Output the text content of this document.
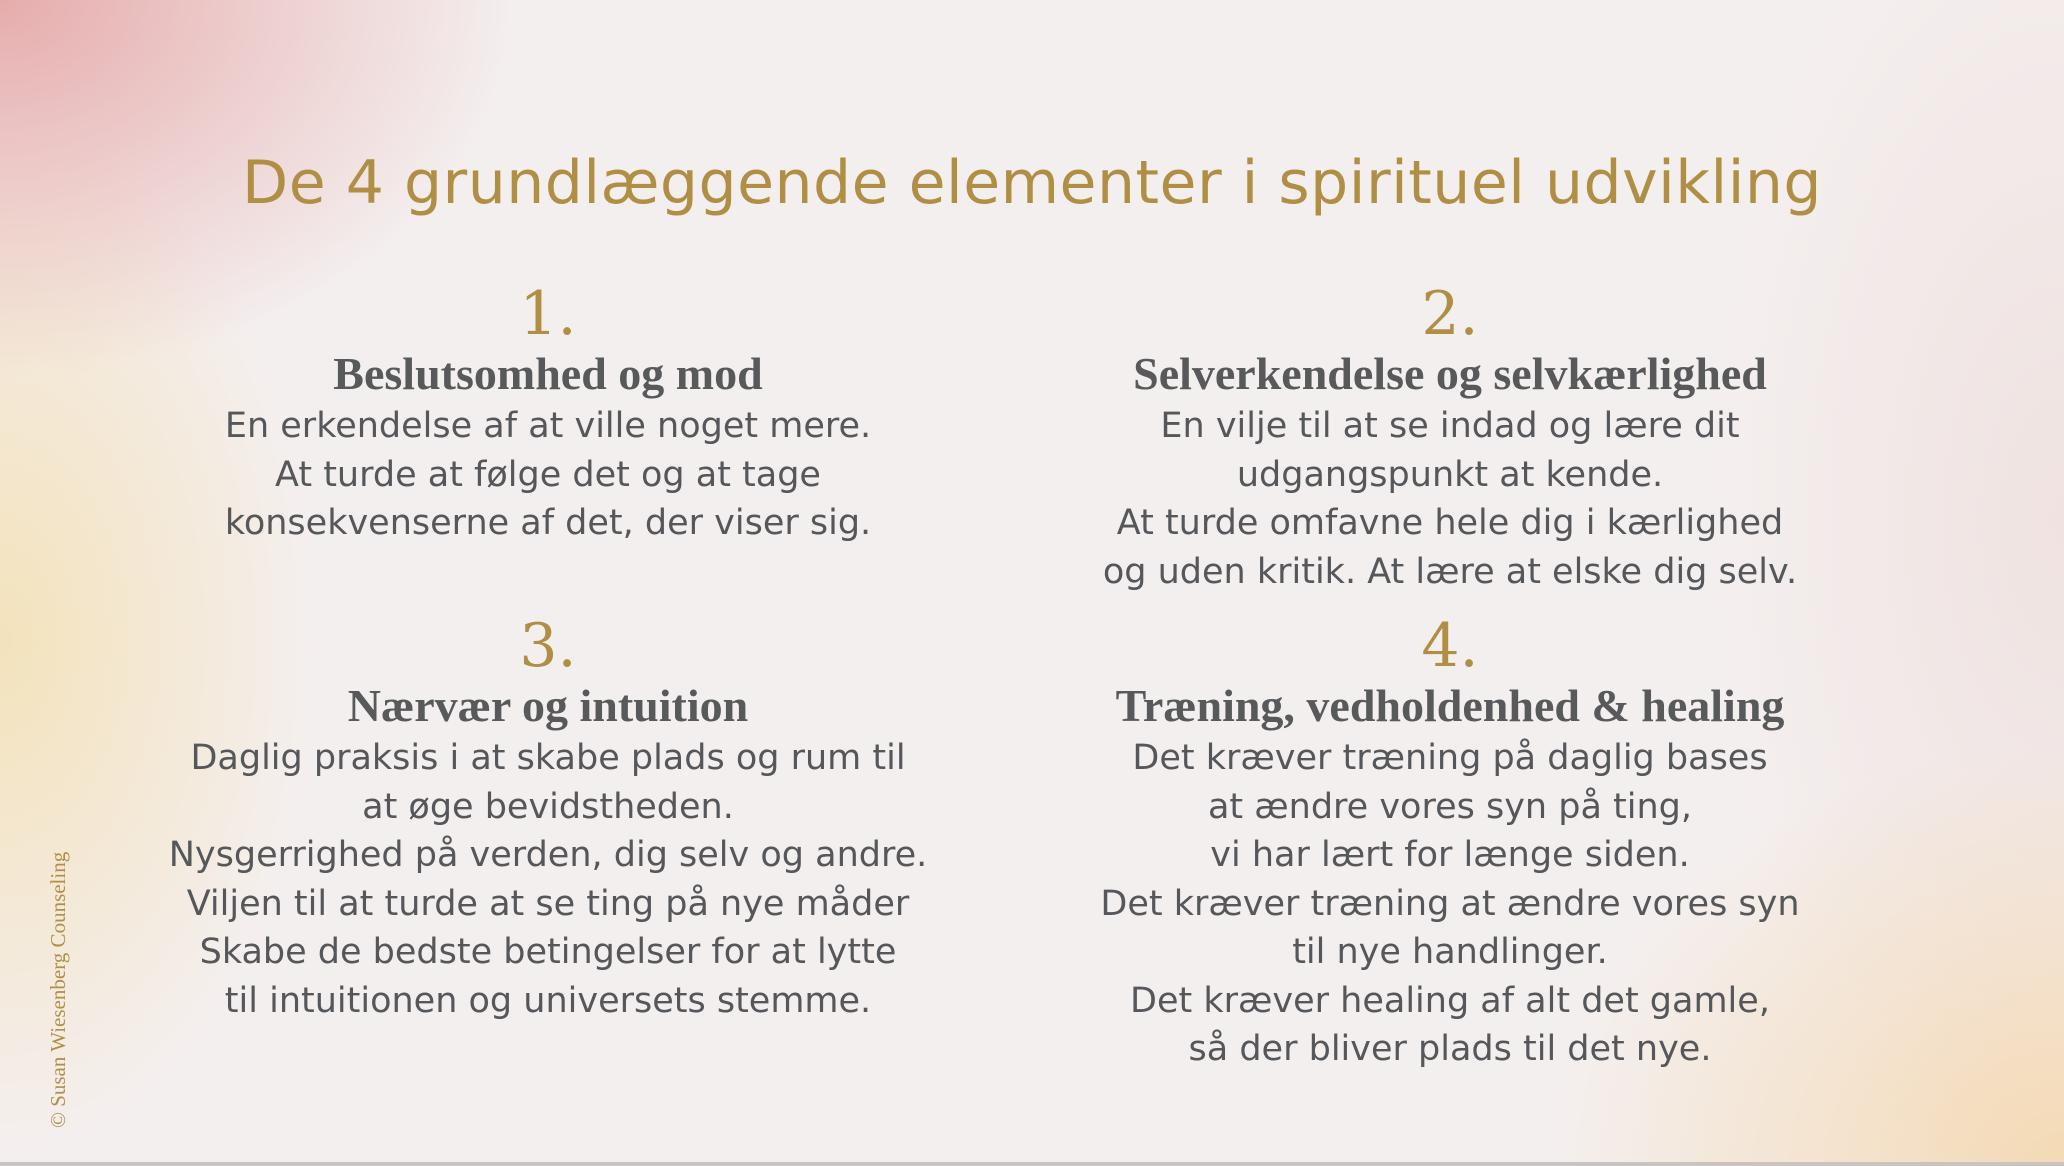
De 4 grundlæggende elementer i spirituel udvikling
1.
Beslutsomhed og mod
En erkendelse af at ville noget mere.
At turde at følge det og at tage
konsekvenserne af det, der viser sig.
2.
Selverkendelse og selvkærlighed
En vilje til at se indad og lære dit
udgangspunkt at kende.
At turde omfavne hele dig i kærlighed
og uden kritik. At lære at elske dig selv.
3.
Nærvær og intuition
Daglig praksis i at skabe plads og rum til
at øge bevidstheden.
Nysgerrighed på verden, dig selv og andre.
Viljen til at turde at se ting på nye måder
Skabe de bedste betingelser for at lytte
til intuitionen og universets stemme.
4.
Træning, vedholdenhed & healing
Det kræver træning på daglig bases
at ændre vores syn på ting,
vi har lært for længe siden.
Det kræver træning at ændre vores syn
til nye handlinger.
Det kræver healing af alt det gamle,
så der bliver plads til det nye.
© Susan Wiesenberg Counseling
